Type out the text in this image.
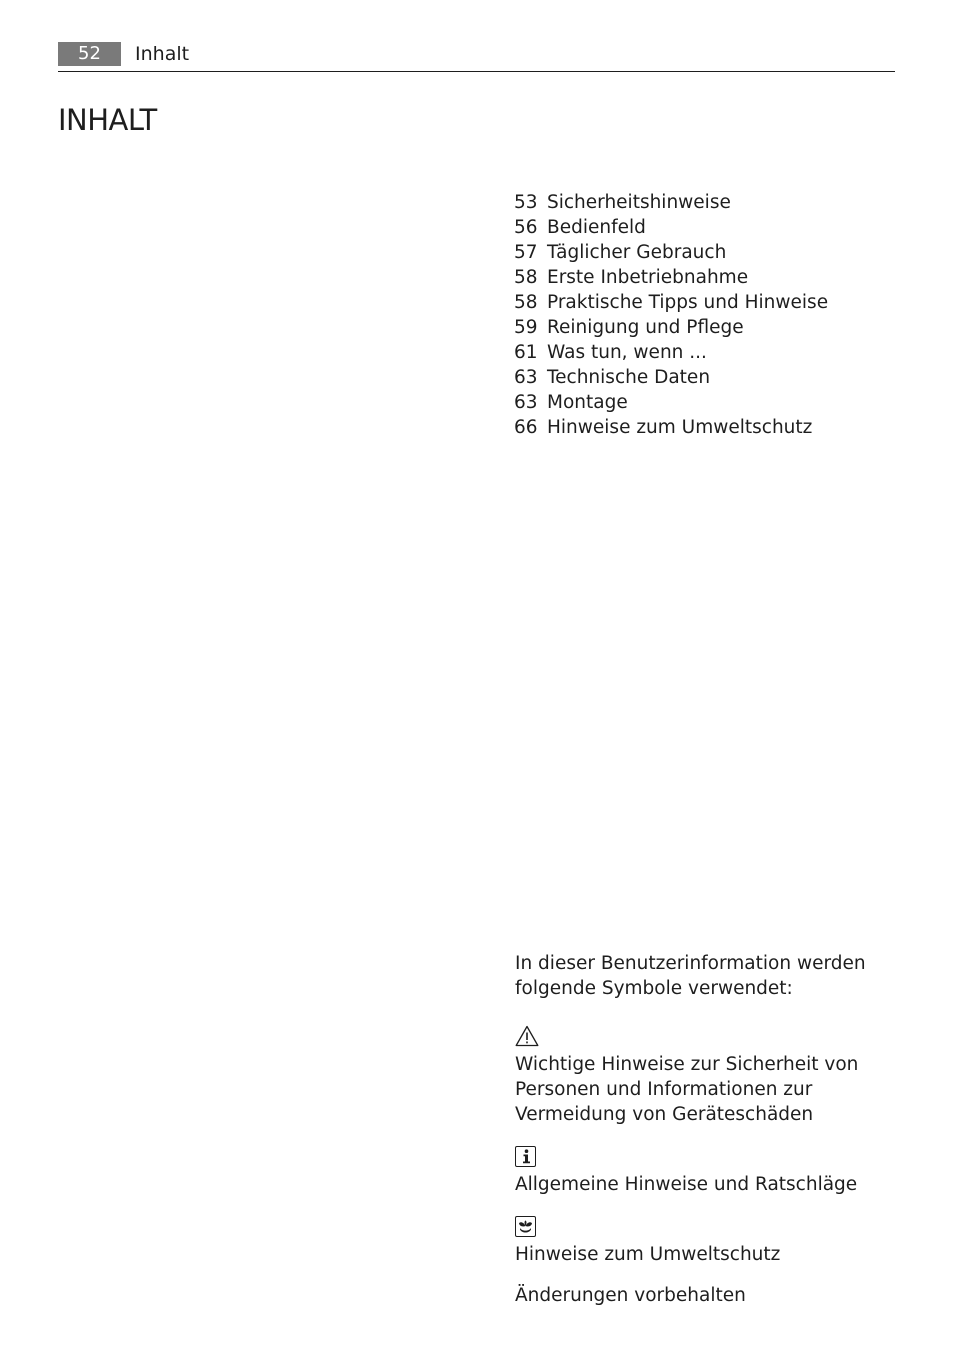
52	Inhalt
INHALT
53 Sicherheitshinweise
56 Bedienfeld
57 Täglicher Gebrauch
58 Erste Inbetriebnahme
58 Praktische Tipps und Hinweise
59 Reinigung und Pflege
61 Was tun, wenn ...
63 Technische Daten
63 Montage
66 Hinweise zum Umweltschutz
In dieser Benutzerinformation werden folgende Symbole verwendet:
Wichtige Hinweise zur Sicherheit von Personen und Informationen zur Vermeidung von Geräteschäden
Allgemeine Hinweise und Ratschläge
Hinweise zum Umweltschutz
Änderungen vorbehalten
